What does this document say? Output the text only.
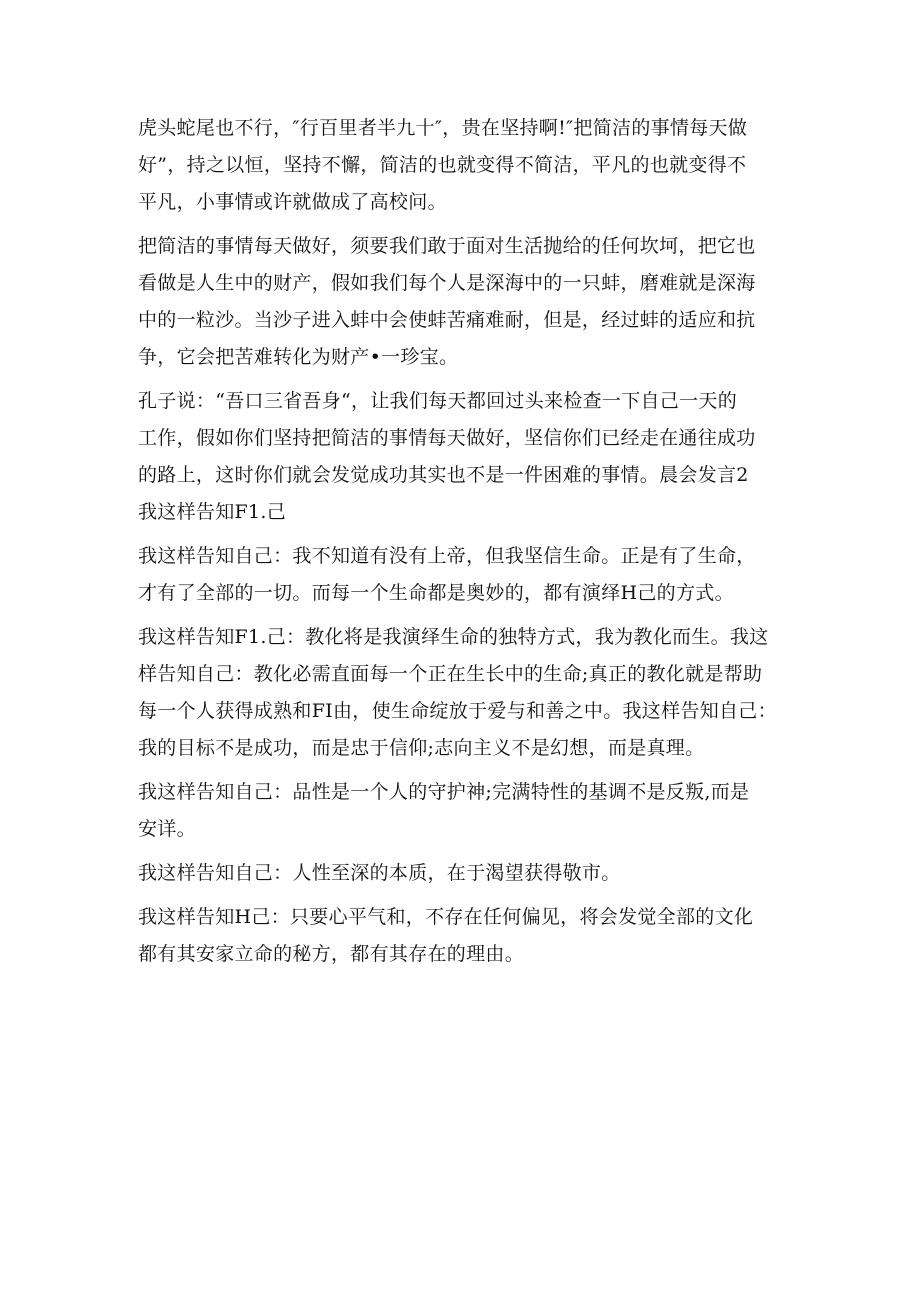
虎头蛇尾也不行，″行百里者半九十″，贵在坚持啊!″把简洁的事情每天做
好”，持之以恒，坚持不懈，简洁的也就变得不简洁，平凡的也就变得不
平凡，小事情或许就做成了高校问。

把简洁的事情每天做好，须要我们敢于面对生活抛给的任何坎坷，把它也
看做是人生中的财产，假如我们每个人是深海中的一只蚌，磨难就是深海
中的一粒沙。当沙子进入蚌中会使蚌苦痛难耐，但是，经过蚌的适应和抗
争，它会把苦难转化为财产•一珍宝。

孔子说：“吾口三省吾身“，让我们每天都回过头来检查一下自己一天的
工作，假如你们坚持把简洁的事情每天做好，坚信你们已经走在通往成功
的路上，这时你们就会发觉成功其实也不是一件困难的事情。晨会发言2
我这样告知F1.己

我这样告知自己：我不知道有没有上帝，但我坚信生命。正是有了生命，
才有了全部的一切。而每一个生命都是奥妙的，都有演绎H己的方式。

我这样告知F1.己：教化将是我演绎生命的独特方式，我为教化而生。我这
样告知自己：教化必需直面每一个正在生长中的生命;真正的教化就是帮助
每一个人获得成熟和FI由，使生命绽放于爱与和善之中。我这样告知自己：
我的目标不是成功，而是忠于信仰;志向主义不是幻想，而是真理。

我这样告知自己：品性是一个人的守护神;完满特性的基调不是反叛,而是
安详。

我这样告知自己：人性至深的本质，在于渴望获得敬市。

我这样告知H己：只要心平气和，不存在任何偏见，将会发觉全部的文化
都有其安家立命的秘方，都有其存在的理由。
